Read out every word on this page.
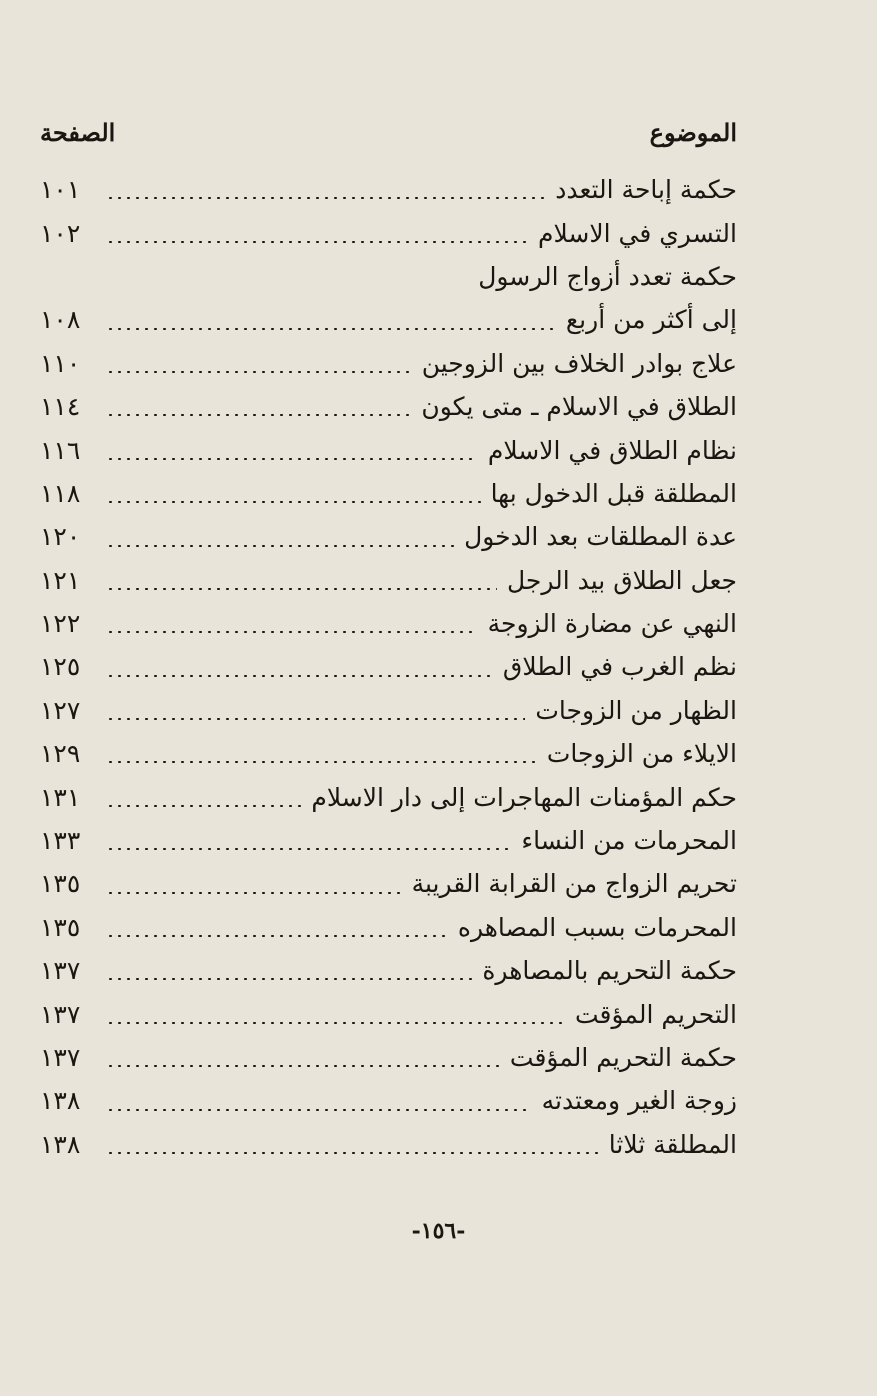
الصفحة	الموضوع
حكمة إباحة التعدد
١٠١
التسري في الاسلام
١٠٢
حكمة تعدد أزواج الرسول
إلى أكثر من أربع
١٠٨
علاج بوادر الخلاف بين الزوجين
١١٠
الطلاق في الاسلام ـ متى يكون
١١٤
نظام الطلاق في الاسلام
١١٦
المطلقة قبل الدخول بها
١١٨
عدة المطلقات بعد الدخول
١٢٠
جعل الطلاق بيد الرجل
١٢١
النهي عن مضارة الزوجة
١٢٢
نظم الغرب في الطلاق
١٢٥
الظهار من الزوجات
١٢٧
الايلاء من الزوجات
١٢٩
حكم المؤمنات المهاجرات إلى دار الاسلام
١٣١
المحرمات من النساء
١٣٣
تحريم الزواج من القرابة القريبة
١٣٥
المحرمات بسبب المصاهره
١٣٥
حكمة التحريم بالمصاهرة
١٣٧
التحريم المؤقت
١٣٧
حكمة التحريم المؤقت
١٣٧
زوجة الغير ومعتدته
١٣٨
المطلقة ثلاثا
١٣٨
-١٥٦-
